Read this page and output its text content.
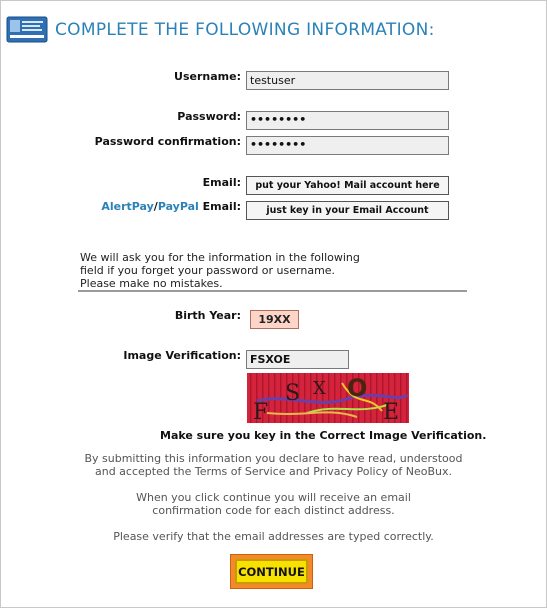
COMPLETE THE FOLLOWING INFORMATION:
Username: testuser
Password: ••••••••
Password confirmation: ••••••••
Email:	put your Yahoo! Mail account here
AlertPay/PayPal Email:	just key in your Email Account
We will ask you for the information in the following
field if you forget your password or username.
Please make no mistakes.
Birth Year:	19XX
Image Verification: FSXOE
S X O
F	E
Make sure you key in the Correct Image Verification.
By submitting this information you declare to have read, understood
and accepted the Terms of Service and Privacy Policy of NeoBux.
When you click continue you will receive an email
confirmation code for each distinct address.
Please verify that the email addresses are typed correctly.
CONTINUE
